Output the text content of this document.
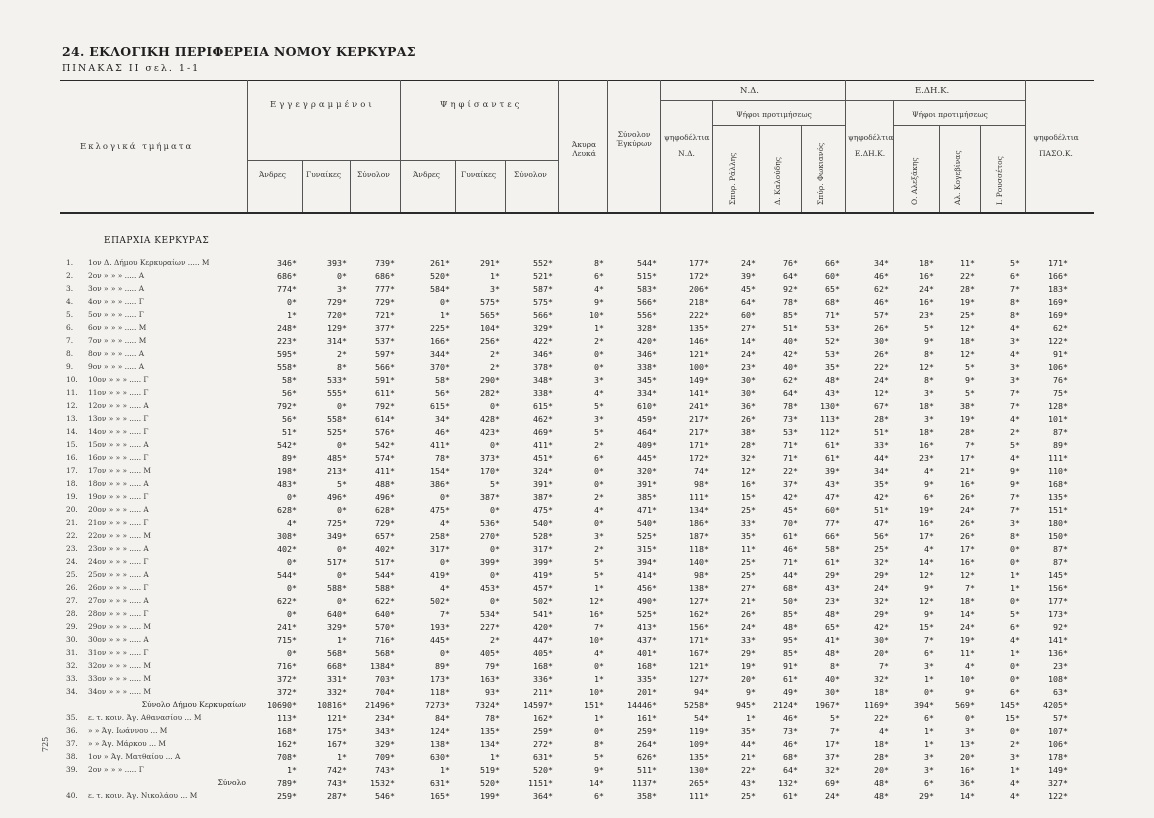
24. ΕΚΛΟΓΙΚΗ ΠΕΡΙΦΕΡΕΙΑ ΝΟΜΟΥ ΚΕΡΚΥΡΑΣ
ΠΙΝΑΚΑΣ ΙΙ σελ. 1-1
Εκλογικά τμήματα
Εγγεγραμμένοι	Ψηφίσαντες
Άνδρες	Γυναίκες Σύνολον	Άνδρες	Γυναίκες Σύνολον
Άκυρα Λευκά
Σύνολον Έγκύρων
Ν.Δ.	Ε.ΔΗ.Κ.
Ψήφοι προτιμήσεως	Ψήφοι προτιμήσεως
ψηφοδέλτια Ν.Δ.
ψηφοδέλτια Ε.ΔΗ.Κ.
ψηφοδέλτια ΠΑΣΟ.Κ.
Σπυρ. Ράλλης	Δ. Καλούδης	Σπύρ. Φωκιανός	Ο. Αλεξάκης	Αλ. Κογεβίνας	Ι. Ρουσσέτος
ΕΠΑΡΧΙΑ ΚΕΡΚΥΡΑΣ
1. 1ον Δ. Δήμου Κερκυραίων ..... Μ	346*	393*	739*	261*	291*	552*	8*	544*	177*	24*	76*	66*	34*	18*	11*	5*	171*
2. 2ον » » » ..... Α	686*	0*	686*	520*	1*	521*	6*	515*	172*	39*	64*	60*	46*	16*	22*	6*	166*
3. 3ον » » » ..... Α	774*	3*	777*	584*	3*	587*	4*	583*	206*	45*	92*	65*	62*	24*	28*	7*	183*
4. 4ον » » » ..... Γ	0*	729*	729*	0*	575*	575*	9*	566*	218*	64*	78*	68*	46*	16*	19*	8*	169*
5. 5ον » » » ..... Γ	1*	720*	721*	1*	565*	566*	10*	556*	222*	60*	85*	71*	57*	23*	25*	8*	169*
6. 6ον » » » ..... Μ	248*	129*	377*	225*	104*	329*	1*	328*	135*	27*	51*	53*	26*	5*	12*	4*	62*
7. 7ον » » » ..... Μ	223*	314*	537*	166*	256*	422*	2*	420*	146*	14*	40*	52*	30*	9*	18*	3*	122*
8. 8ον » » » ..... Α	595*	2*	597*	344*	2*	346*	0*	346*	121*	24*	42*	53*	26*	8*	12*	4*	91*
9. 9ον » » » ..... Α	558*	8*	566*	370*	2*	378*	0*	338*	100*	23*	40*	35*	22*	12*	5*	3*	106*
10. 10ον » » » ..... Γ	58*	533*	591*	58*	290*	348*	3*	345*	149*	30*	62*	48*	24*	8*	9*	3*	76*
11. 11ον » » » ..... Γ	56*	555*	611*	56*	282*	338*	4*	334*	141*	30*	64*	43*	12*	3*	5*	7*	75*
12. 12ον » » » ..... Α	792*	0*	792*	615*	0*	615*	5*	610*	241*	36*	78*	130*	67*	18*	38*	7*	128*
13. 13ον » » » ..... Γ	56*	558*	614*	34*	428*	462*	3*	459*	217*	26*	73*	113*	28*	3*	19*	4*	101*
14. 14ον » » » ..... Γ	51*	525*	576*	46*	423*	469*	5*	464*	217*	38*	53*	112*	51*	18*	28*	2*	87*
15. 15ον » » » ..... Α	542*	0*	542*	411*	0*	411*	2*	409*	171*	28*	71*	61*	33*	16*	7*	5*	89*
16. 16ον » » » ..... Γ	89*	485*	574*	78*	373*	451*	6*	445*	172*	32*	71*	61*	44*	23*	17*	4*	111*
17. 17ον » » » ..... Μ	198*	213*	411*	154*	170*	324*	0*	320*	74*	12*	22*	39*	34*	4*	21*	9*	110*
18. 18ον » » » ..... Α	483*	5*	488*	386*	5*	391*	0*	391*	98*	16*	37*	43*	35*	9*	16*	9*	168*
19. 19ον » » » ..... Γ	0*	496*	496*	0*	387*	387*	2*	385*	111*	15*	42*	47*	42*	6*	26*	7*	135*
20. 20ον » » » ..... Α	628*	0*	628*	475*	0*	475*	4*	471*	134*	25*	45*	60*	51*	19*	24*	7*	151*
21. 21ον » » » ..... Γ	4*	725*	729*	4*	536*	540*	0*	540*	186*	33*	70*	77*	47*	16*	26*	3*	180*
22. 22ον » » » ..... Μ	308*	349*	657*	258*	270*	528*	3*	525*	187*	35*	61*	66*	56*	17*	26*	8*	150*
23. 23ον » » » ..... Α	402*	0*	402*	317*	0*	317*	2*	315*	118*	11*	46*	58*	25*	4*	17*	0*	87*
24. 24ον » » » ..... Γ	0*	517*	517*	0*	399*	399*	5*	394*	140*	25*	71*	61*	32*	14*	16*	0*	87*
25. 25ον » » » ..... Α	544*	0*	544*	419*	0*	419*	5*	414*	98*	25*	44*	29*	29*	12*	12*	1*	145*
26. 26ον » » » ..... Γ	0*	588*	588*	4*	453*	457*	1*	456*	138*	27*	68*	43*	24*	9*	7*	1*	156*
27. 27ον » » » ..... Α	622*	0*	622*	502*	0*	502*	12*	490*	127*	21*	50*	23*	32*	12*	18*	0*	177*
28. 28ον » » » ..... Γ	0*	640*	640*	7*	534*	541*	16*	525*	162*	26*	85*	48*	29*	9*	14*	5*	173*
29. 29ον » » » ..... Μ	241*	329*	570*	193*	227*	420*	7*	413*	156*	24*	48*	65*	42*	15*	24*	6*	92*
30. 30ον » » » ..... Α	715*	1*	716*	445*	2*	447*	10*	437*	171*	33*	95*	41*	30*	7*	19*	4*	141*
31. 31ον » » » ..... Γ	0*	568*	568*	0*	405*	405*	4*	401*	167*	29*	85*	48*	20*	6*	11*	1*	136*
32. 32ον » » » ..... Μ	716*	668*	1384*	89*	79*	168*	0*	168*	121*	19*	91*	8*	7*	3*	4*	0*	23*
33. 33ον » » » ..... Μ	372*	331*	703*	173*	163*	336*	1*	335*	127*	20*	61*	40*	32*	1*	10*	0*	108*
34. 34ον » » » ..... Μ	372*	332*	704*	118*	93*	211*	10*	201*	94*	9*	49*	30*	18*	0*	9*	6*	63*
Σύνολο Δήμου Κερκυραίων	10690* 10816* 21496*	7273*	7324*	14597*	151*	14446*	5258*	945* 2124* 1967*	1169*	394*	569*	145*	4205*
35. ε. τ. κοιν. Άγ. Αθανασίου ... Μ	113*	121*	234*	84*	78*	162*	1*	161*	54*	1*	46*	5*	22*	6*	0*	15*	57*
36. » » Άγ. Ιωάννου ... Μ	168*	175*	343*	124*	135*	259*	0*	259*	119*	35*	73*	7*	4*	1*	3*	0*	107*
37. » » Άγ. Μάρκου ... Μ	162*	167*	329*	138*	134*	272*	8*	264*	109*	44*	46*	17*	18*	1*	13*	2*	106*
38. 1ον » Άγ. Ματθαίου ... Α	708*	1*	709*	630*	1*	631*	5*	626*	135*	21*	68*	37*	28*	3*	20*	3*	178*
39. 2ον » » » ..... Γ	1*	742*	743*	1*	519*	520*	9*	511*	130*	22*	64*	32*	20*	3*	16*	1*	149*
Σύνολο	789*	743*	1532*	631*	520*	1151*	14*	1137*	265*	43*	132*	69*	48*	6*	36*	4*	327*
40. ε. τ. κοιν. Άγ. Νικολάου ... Μ	259*	287*	546*	165*	199*	364*	6*	358*	111*	25*	61*	24*	48*	29*	14*	4*	122*
725
